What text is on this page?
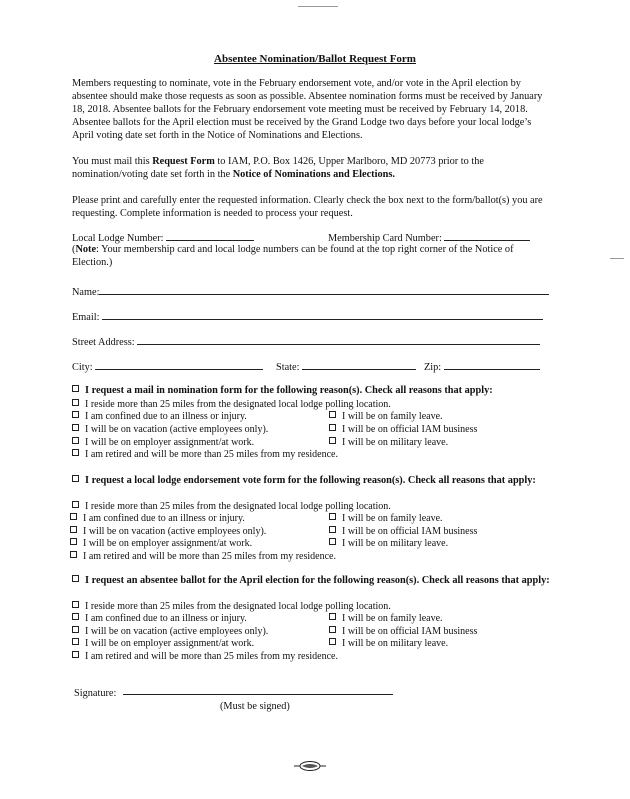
Absentee Nomination/Ballot Request Form
Members requesting to nominate, vote in the February endorsement vote, and/or vote in the April election by absentee should make those requests as soon as possible. Absentee nomination forms must be received by January 18, 2018. Absentee ballots for the February endorsement vote meeting must be received by February 14, 2018. Absentee ballots for the April election must be received by the Grand Lodge two days before your local lodge’s April voting date set forth in the Notice of Nominations and Elections.
You must mail this Request Form to IAM, P.O. Box 1426, Upper Marlboro, MD 20773 prior to the nomination/voting date set forth in the Notice of Nominations and Elections.
Please print and carefully enter the requested information. Clearly check the box next to the form/ballot(s) you are requesting. Complete information is needed to process your request.
Local Lodge Number:	Membership Card Number:
(Note: Your membership card and local lodge numbers can be found at the top right corner of the Notice of Election.)
Name:
Email:
Street Address:
City:	State:	Zip:
I request a mail in nomination form for the following reason(s). Check all reasons that apply:
I reside more than 25 miles from the designated local lodge polling location.
I am confined due to an illness or injury.	I will be on family leave.
I will be on vacation (active employees only).	I will be on official IAM business
I will be on employer assignment/at work.	I will be on military leave.
I am retired and will be more than 25 miles from my residence.
I request a local lodge endorsement vote form for the following reason(s). Check all reasons that apply:
I reside more than 25 miles from the designated local lodge polling location.
I am confined due to an illness or injury.	I will be on family leave.
I will be on vacation (active employees only).	I will be on official IAM business
I will be on employer assignment/at work.	I will be on military leave.
I am retired and will be more than 25 miles from my residence.
I request an absentee ballot for the April election for the following reason(s). Check all reasons that apply:
I reside more than 25 miles from the designated local lodge polling location.
I am confined due to an illness or injury.	I will be on family leave.
I will be on vacation (active employees only).	I will be on official IAM business
I will be on employer assignment/at work.	I will be on military leave.
I am retired and will be more than 25 miles from my residence.
Signature:
(Must be signed)
